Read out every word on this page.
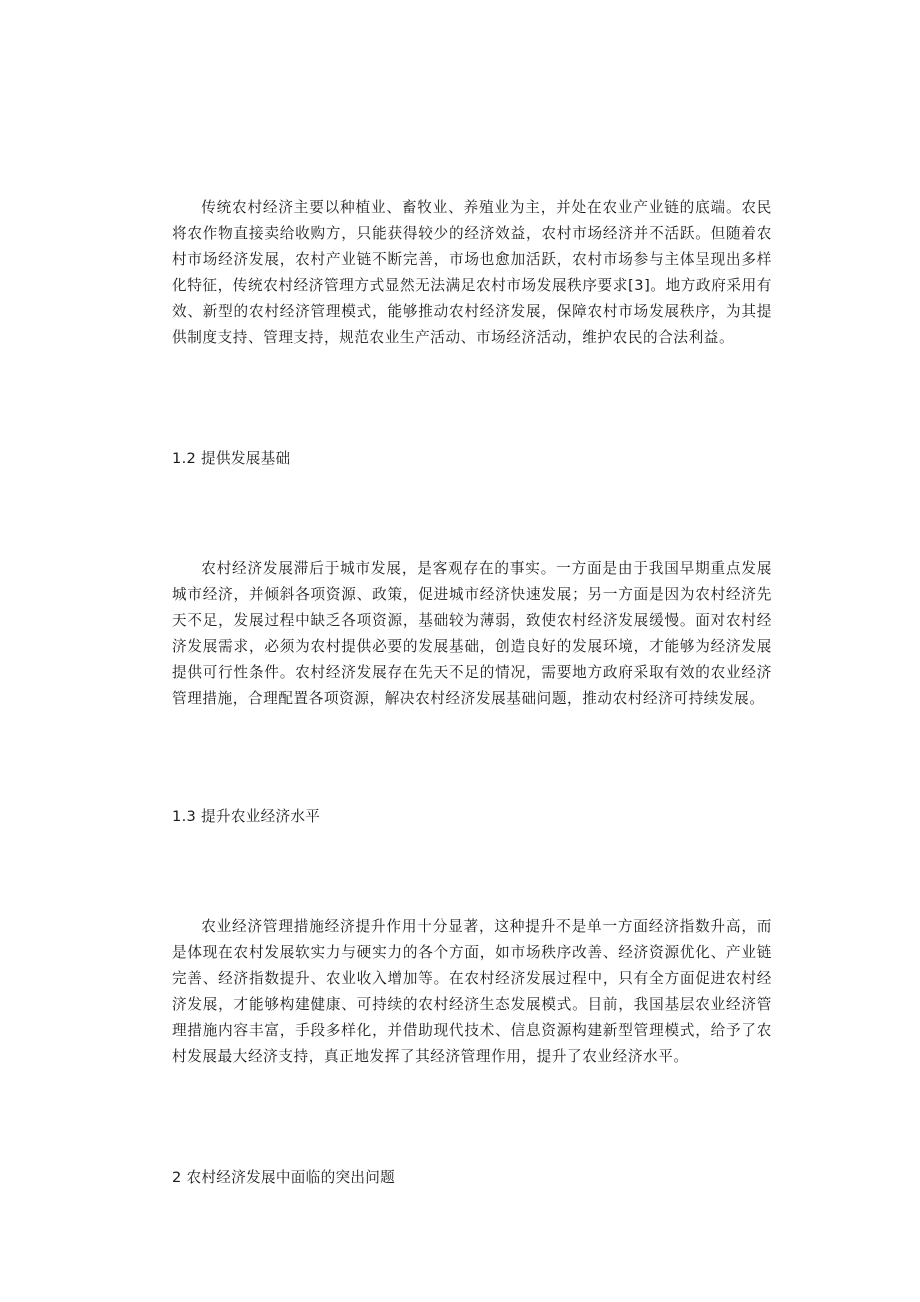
传统农村经济主要以种植业、畜牧业、养殖业为主，并处在农业产业链的底端。农民将农作物直接卖给收购方，只能获得较少的经济效益，农村市场经济并不活跃。但随着农村市场经济发展，农村产业链不断完善，市场也愈加活跃，农村市场参与主体呈现出多样化特征，传统农村经济管理方式显然无法满足农村市场发展秩序要求[3]。地方政府采用有效、新型的农村经济管理模式，能够推动农村经济发展，保障农村市场发展秩序，为其提供制度支持、管理支持，规范农业生产活动、市场经济活动，维护农民的合法利益。

1.2 提供发展基础

农村经济发展滞后于城市发展，是客观存在的事实。一方面是由于我国早期重点发展城市经济，并倾斜各项资源、政策，促进城市经济快速发展；另一方面是因为农村经济先天不足，发展过程中缺乏各项资源，基础较为薄弱，致使农村经济发展缓慢。面对农村经济发展需求，必须为农村提供必要的发展基础，创造良好的发展环境，才能够为经济发展提供可行性条件。农村经济发展存在先天不足的情况，需要地方政府采取有效的农业经济管理措施，合理配置各项资源，解决农村经济发展基础问题，推动农村经济可持续发展。

1.3 提升农业经济水平

农业经济管理措施经济提升作用十分显著，这种提升不是单一方面经济指数升高，而是体现在农村发展软实力与硬实力的各个方面，如市场秩序改善、经济资源优化、产业链完善、经济指数提升、农业收入增加等。在农村经济发展过程中，只有全方面促进农村经济发展，才能够构建健康、可持续的农村经济生态发展模式。目前，我国基层农业经济管理措施内容丰富，手段多样化，并借助现代技术、信息资源构建新型管理模式，给予了农村发展最大经济支持，真正地发挥了其经济管理作用，提升了农业经济水平。

2 农村经济发展中面临的突出问题
